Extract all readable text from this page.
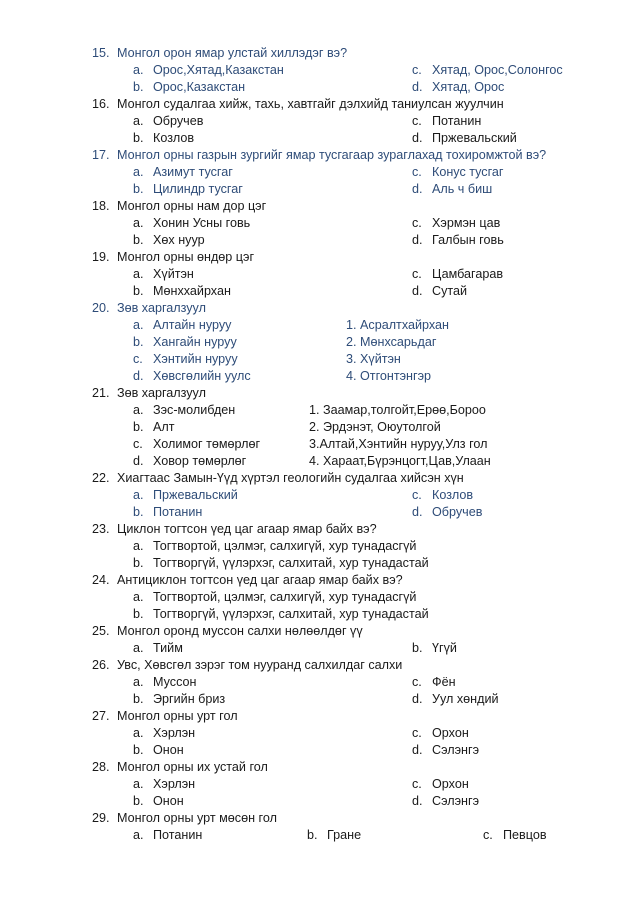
15. Монгол орон ямар улстай хиллэдэг вэ?
a. Орос,Хятад,Казакстан	c. Хятад, Орос,Солонгос
b. Орос,Казакстан	d. Хятад, Орос
16. Монгол судалгаа хийж, тахь, хавтгайг дэлхийд таниулсан жуулчин
a. Обручев	c. Потанин
b. Козлов	d. Пржевальский
17. Монгол орны газрын зургийг ямар тусгагаар зураглахад тохиромжтой вэ?
a. Азимут тусгаг	c. Конус тусгаг
b. Цилиндр тусгаг	d. Аль ч биш
18. Монгол орны нам дор цэг
a. Хонин Усны говь	c. Хэрмэн цав
b. Хөх нуур	d. Галбын говь
19. Монгол орны өндөр цэг
a. Хүйтэн	c. Цамбагарав
b. Мөнххайрхан	d. Сутай
20. Зөв харгалзуул
a. Алтайн нуруу	1. Асралтхайрхан
b. Хангайн нуруу	2. Мөнхсарьдаг
c. Хэнтийн нуруу	3. Хүйтэн
d. Хөвсгөлийн уулс	4. Отгонтэнгэр
21. Зөв харгалзуул
a. Зэс-молибден	1. Заамар,толгойт,Ерөө,Бороо
b. Алт	2. Эрдэнэт, Оюутолгой
c. Холимог төмөрлөг	3.Алтай,Хэнтийн нуруу,Улз гол
d. Ховор төмөрлөг	4. Хараат,Бүрэнцогт,Цав,Улаан
22. Хиагтаас Замын-Үүд хүртэл геологийн судалгаа хийсэн хүн
a. Пржевальский	c. Козлов
b. Потанин	d. Обручев
23. Циклон тогтсон үед цаг агаар ямар байх вэ?
a. Тогтвортой, цэлмэг, салхигүй, хур тунадасгүй
b. Тогтворгүй, үүлэрхэг, салхитай, хур тунадастай
24. Антициклон тогтсон үед цаг агаар ямар байх вэ?
a. Тогтвортой, цэлмэг, салхигүй, хур тунадасгүй
b. Тогтворгүй, үүлэрхэг, салхитай, хур тунадастай
25. Монгол оронд муссон салхи нөлөөлдөг үү
a. Тийм	b. Үгүй
26. Увс, Хөвсгөл зэрэг том нууранд салхилдаг салхи
a. Муссон	c. Фён
b. Эргийн бриз	d. Уул хөндий
27. Монгол орны урт гол
a. Хэрлэн	c. Орхон
b. Онон	d. Сэлэнгэ
28. Монгол орны их устай гол
a. Хэрлэн	c. Орхон
b. Онон	d. Сэлэнгэ
29. Монгол орны урт мөсөн гол
a. Потанин	b. Гране	c. Певцов
